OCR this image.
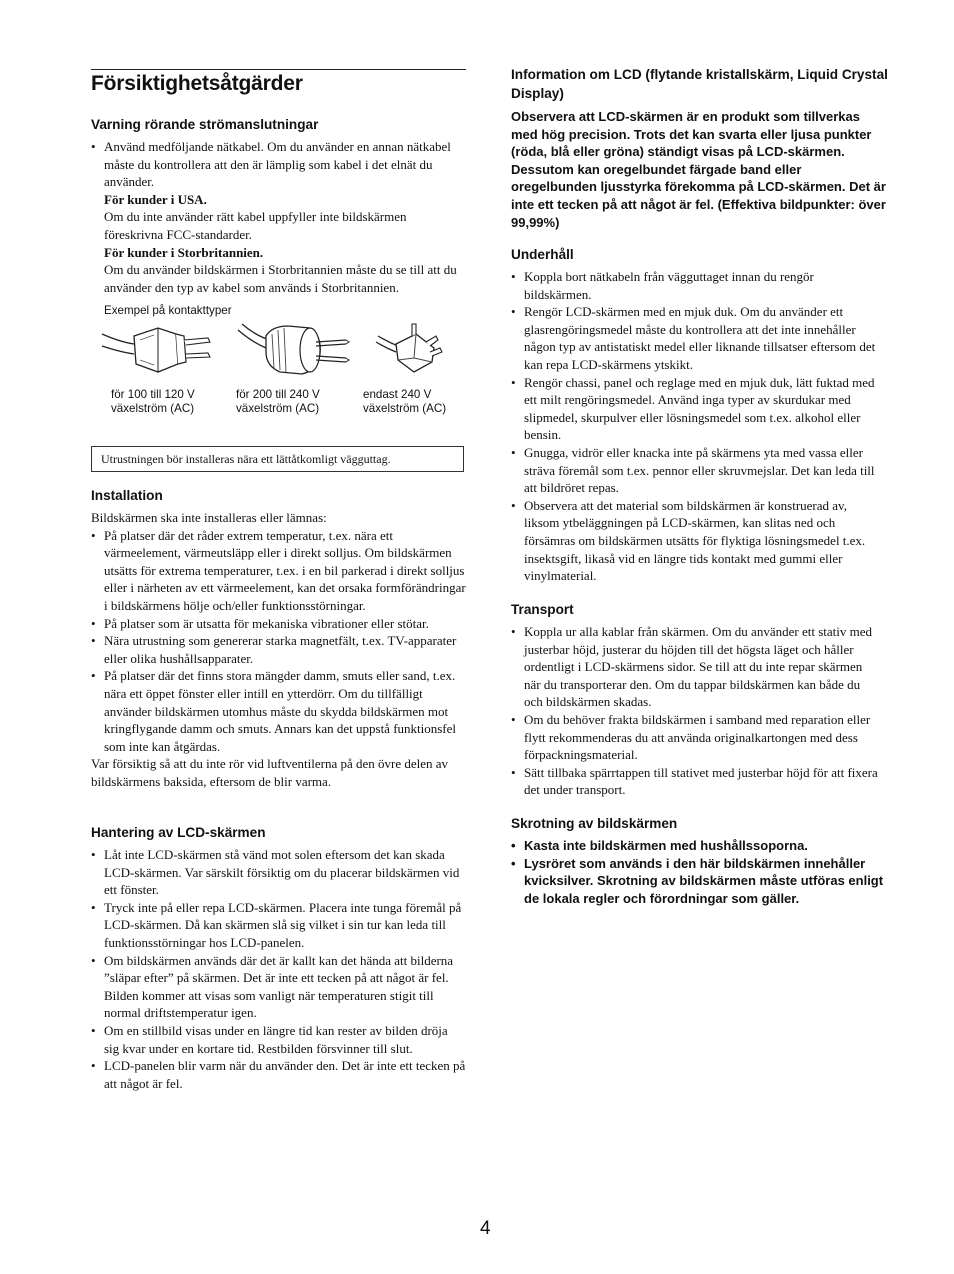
Försiktighetsåtgärder
Varning rörande strömanslutningar
• Använd medföljande nätkabel. Om du använder en annan nätkabel måste du kontrollera att den är lämplig som kabel i det elnät du använder.

För kunder i USA.

Om du inte använder rätt kabel uppfyller inte bildskärmen föreskrivna FCC-standarder.

För kunder i Storbritannien.

Om du använder bildskärmen i Storbritannien måste du se till att du använder den typ av kabel som används i Storbritannien.

Exempel på kontakttyper
för 100 till 120 V
växelström (AC)
för 200 till 240 V
växelström (AC)
endast 240 V
växelström (AC)
Utrustningen bör installeras nära ett lättåtkomligt vägguttag.
Installation

Bildskärmen ska inte installeras eller lämnas:

• På platser där det råder extrem temperatur, t.ex. nära ett värmeelement, värmeutsläpp eller i direkt solljus. Om bildskärmen utsätts för extrema temperaturer, t.ex. i en bil parkerad i direkt solljus eller i närheten av ett värmeelement, kan det orsaka formförändringar i bildskärmens hölje och/eller funktionsstörningar.
• På platser som är utsatta för mekaniska vibrationer eller stötar.
• Nära utrustning som genererar starka magnetfält, t.ex. TV-apparater eller olika hushållsapparater.
• På platser där det finns stora mängder damm, smuts eller sand, t.ex. nära ett öppet fönster eller intill en ytterdörr. Om du tillfälligt använder bildskärmen utomhus måste du skydda bildskärmen mot kringflygande damm och smuts. Annars kan det uppstå funktionsfel som inte kan åtgärdas.

Var försiktig så att du inte rör vid luftventilerna på den övre delen av bildskärmens baksida, eftersom de blir varma.

Hantering av LCD-skärmen
• Låt inte LCD-skärmen stå vänd mot solen eftersom det kan skada LCD-skärmen. Var särskilt försiktig om du placerar bildskärmen vid ett fönster.
• Tryck inte på eller repa LCD-skärmen. Placera inte tunga föremål på LCD-skärmen. Då kan skärmen slå sig vilket i sin tur kan leda till funktionsstörningar hos LCD-panelen.
• Om bildskärmen används där det är kallt kan det hända att bilderna ”släpar efter” på skärmen. Det är inte ett tecken på att något är fel. Bilden kommer att visas som vanligt när temperaturen stigit till normal driftstemperatur igen.
• Om en stillbild visas under en längre tid kan rester av bilden dröja sig kvar under en kortare tid. Restbilden försvinner till slut.
• LCD-panelen blir varm när du använder den. Det är inte ett tecken på att något är fel.
Information om LCD (flytande kristallskärm, Liquid Crystal Display)

Observera att LCD-skärmen är en produkt som tillverkas med hög precision. Trots det kan svarta eller ljusa punkter (röda, blå eller gröna) ständigt visas på LCD-skärmen. Dessutom kan oregelbundet färgade band eller oregelbunden ljusstyrka förekomma på LCD-skärmen. Det är inte ett tecken på att något är fel. (Effektiva bildpunkter: över 99,99%)

Underhåll
• Koppla bort nätkabeln från vägguttaget innan du rengör bildskärmen.
• Rengör LCD-skärmen med en mjuk duk. Om du använder ett glasrengöringsmedel måste du kontrollera att det inte innehåller någon typ av antistatiskt medel eller liknande tillsatser eftersom det kan repa LCD-skärmens ytskikt.
• Rengör chassi, panel och reglage med en mjuk duk, lätt fuktad med ett milt rengöringsmedel. Använd inga typer av skurdukar med slipmedel, skurpulver eller lösningsmedel som t.ex. alkohol eller bensin.
• Gnugga, vidrör eller knacka inte på skärmens yta med vassa eller sträva föremål som t.ex. pennor eller skruvmejslar. Det kan leda till att bildröret repas.
• Observera att det material som bildskärmen är konstruerad av, liksom ytbeläggningen på LCD-skärmen, kan slitas ned och försämras om bildskärmen utsätts för flyktiga lösningsmedel t.ex. insektsgift, likaså vid en längre tids kontakt med gummi eller vinylmaterial.
Transport
• Koppla ur alla kablar från skärmen. Om du använder ett stativ med justerbar höjd, justerar du höjden till det högsta läget och håller ordentligt i LCD-skärmens sidor. Se till att du inte repar skärmen när du transporterar den. Om du tappar bildskärmen kan både du och bildskärmen skadas.
• Om du behöver frakta bildskärmen i samband med reparation eller flytt rekommenderas du att använda originalkartongen med dess förpackningsmaterial.
• Sätt tillbaka spärrtappen till stativet med justerbar höjd för att fixera det under transport.
Skrotning av bildskärmen
• Kasta inte bildskärmen med hushållssoporna.
• Lysröret som används i den här bildskärmen innehåller kvicksilver. Skrotning av bildskärmen måste utföras enligt de lokala regler och förordningar som gäller.
4
